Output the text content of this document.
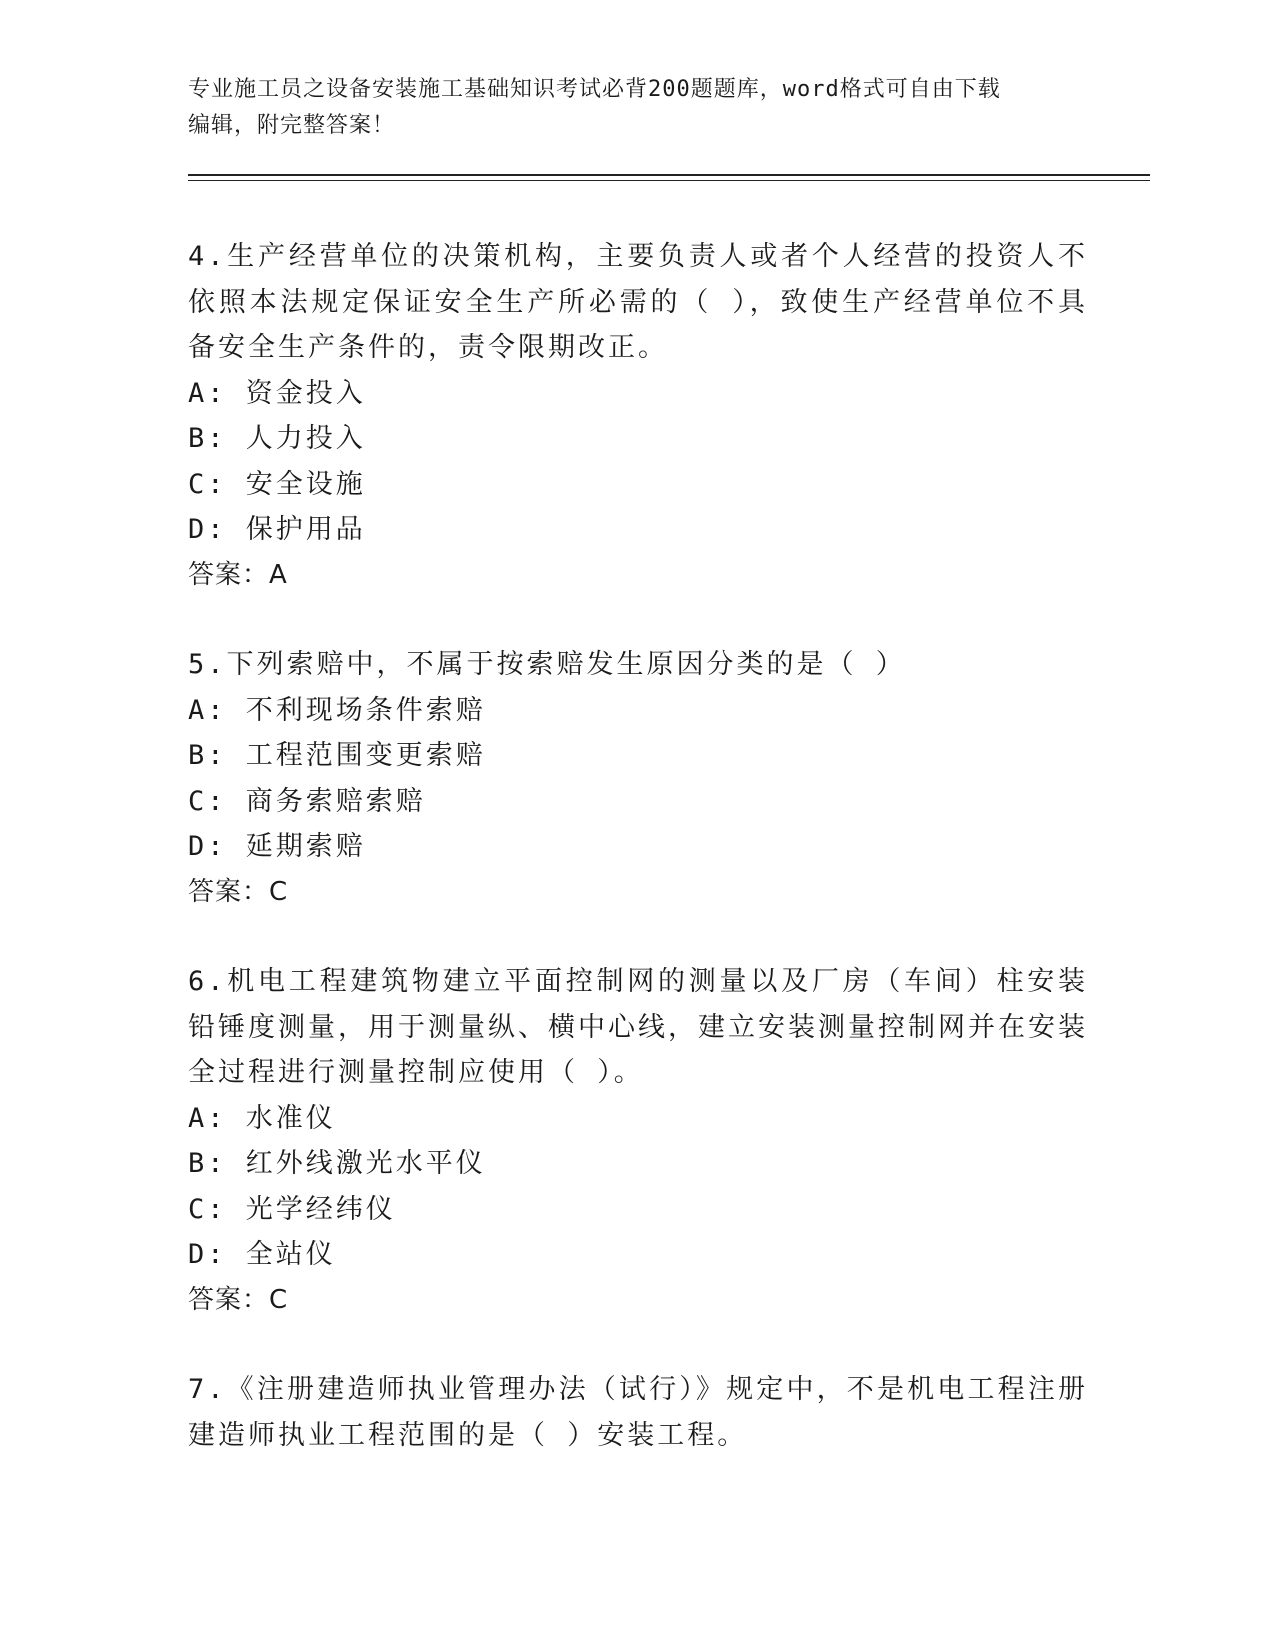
专业施工员之设备安装施工基础知识考试必背200题题库，word格式可自由下载
编辑，附完整答案！
4.生产经营单位的决策机构，主要负责人或者个人经营的投资人不依照本法规定保证安全生产所必需的（ ），致使生产经营单位不具备安全生产条件的，责令限期改正。
A: 资金投入
B: 人力投入
C: 安全设施
D: 保护用品
答案：A
5.下列索赔中，不属于按索赔发生原因分类的是（ ）
A: 不利现场条件索赔
B: 工程范围变更索赔
C: 商务索赔索赔
D: 延期索赔
答案：C
6.机电工程建筑物建立平面控制网的测量以及厂房（车间）柱安装铅锤度测量，用于测量纵、横中心线，建立安装测量控制网并在安装全过程进行测量控制应使用（ ）。
A: 水准仪
B: 红外线激光水平仪
C: 光学经纬仪
D: 全站仪
答案：C
7.《注册建造师执业管理办法（试行）》规定中，不是机电工程注册建造师执业工程范围的是（ ）安装工程。
